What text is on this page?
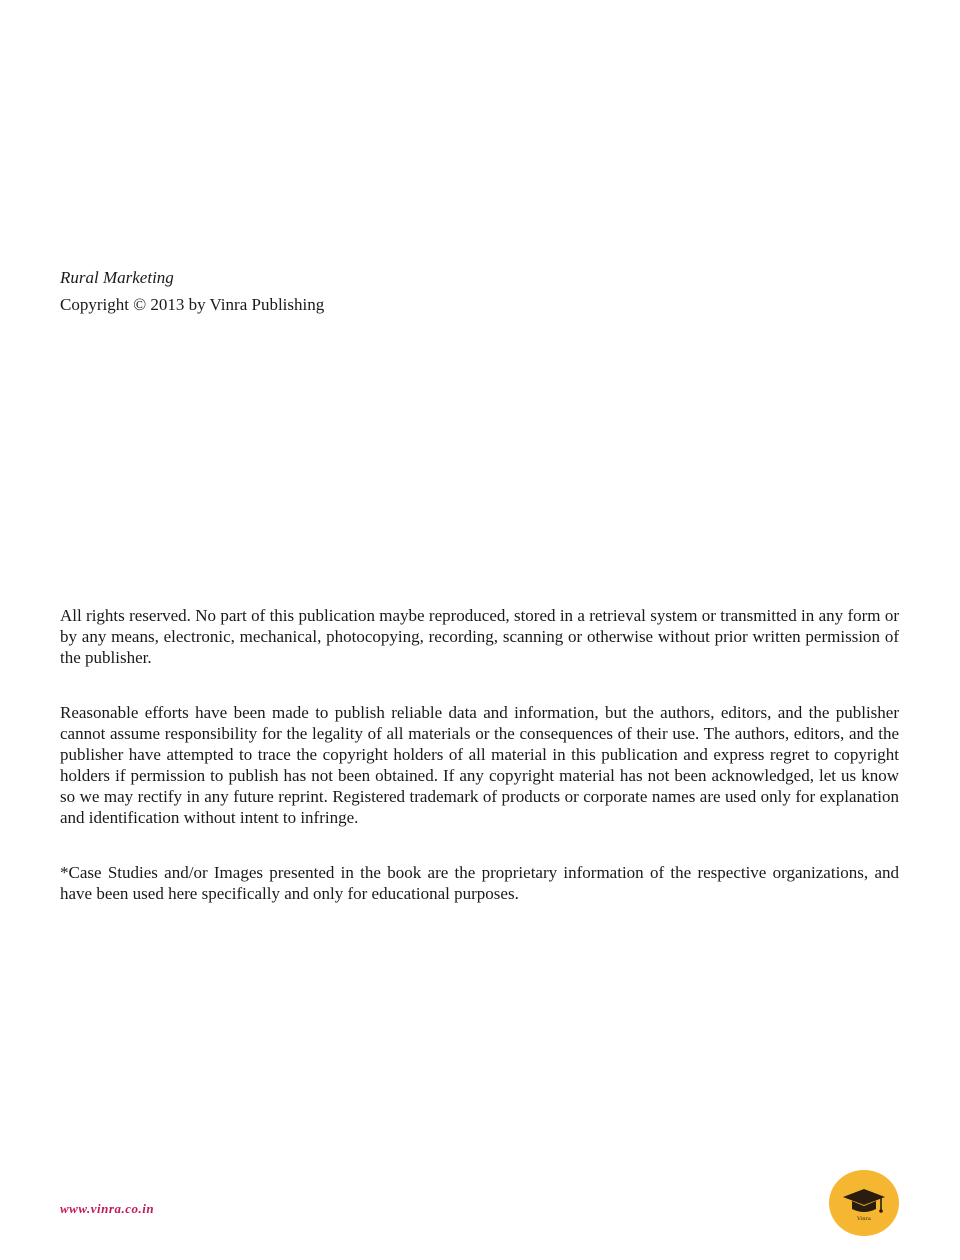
Rural Marketing
Copyright © 2013 by Vinra Publishing

All rights reserved. No part of this publication maybe reproduced, stored in a retrieval system or transmitted in any form or by any means, electronic, mechanical, photocopying, recording, scanning or otherwise without prior written permission of the publisher.

Reasonable efforts have been made to publish reliable data and information, but the authors, editors, and the publisher cannot assume responsibility for the legality of all materials or the consequences of their use. The authors, editors, and the publisher have attempted to trace the copyright holders of all material in this publication and express regret to copyright holders if permission to publish has not been obtained. If any copyright material has not been acknowledged, let us know so we may rectify in any future reprint. Registered trademark of products or corporate names are used only for explanation and identification without intent to infringe.

*Case Studies and/or Images presented in the book are the proprietary information of the respective organizations, and have been used here specifically and only for educational purposes.

www.vinra.co.in
Vinra
